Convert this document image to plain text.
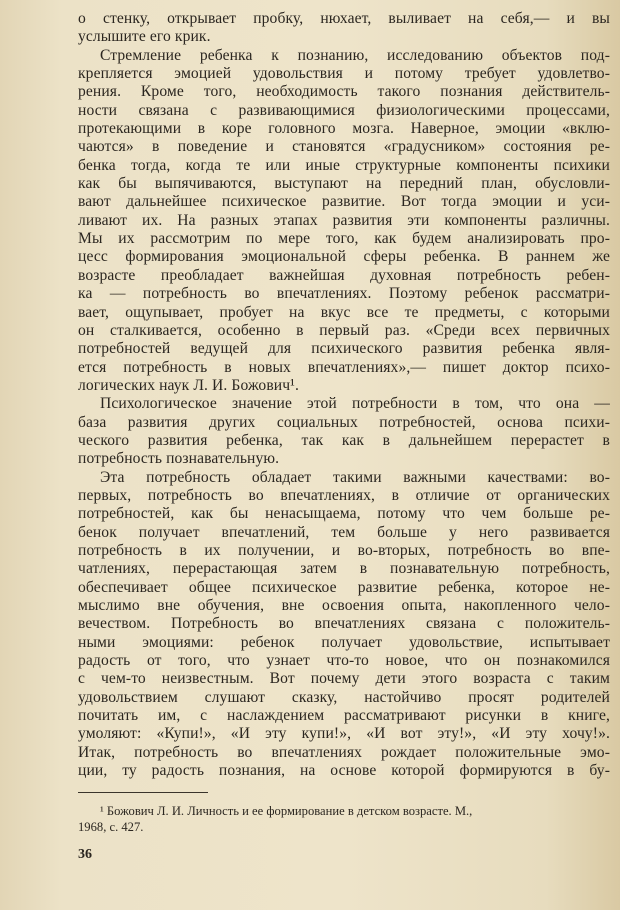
о стенку, открывает пробку, нюхает, выливает на себя,— и вы
услышите его крик.

Стремление ребенка к познанию, исследованию объектов под-
крепляется эмоцией удовольствия и потому требует удовлетво-
рения. Кроме того, необходимость такого познания действитель-
ности связана с развивающимися физиологическими процессами,
протекающими в коре головного мозга. Наверное, эмоции «вклю-
чаются» в поведение и становятся «градусником» состояния ре-
бенка тогда, когда те или иные структурные компоненты психики
как бы выпячиваются, выступают на передний план, обусловли-
вают дальнейшее психическое развитие. Вот тогда эмоции и уси-
ливают их. На разных этапах развития эти компоненты различны.
Мы их рассмотрим по мере того, как будем анализировать про-
цесс формирования эмоциональной сферы ребенка. В раннем же
возрасте преобладает важнейшая духовная потребность ребен-
ка — потребность во впечатлениях. Поэтому ребенок рассматри-
вает, ощупывает, пробует на вкус все те предметы, с которыми
он сталкивается, особенно в первый раз. «Среди всех первичных
потребностей ведущей для психического развития ребенка явля-
ется потребность в новых впечатлениях»,— пишет доктор психо-
логических наук Л. И. Божович¹.

Психологическое значение этой потребности в том, что она —
база развития других социальных потребностей, основа психи-
ческого развития ребенка, так как в дальнейшем перерастет в
потребность познавательную.

Эта потребность обладает такими важными качествами: во-
первых, потребность во впечатлениях, в отличие от органических
потребностей, как бы ненасыщаема, потому что чем больше ре-
бенок получает впечатлений, тем больше у него развивается
потребность в их получении, и во-вторых, потребность во впе-
чатлениях, перерастающая затем в познавательную потребность,
обеспечивает общее психическое развитие ребенка, которое не-
мыслимо вне обучения, вне освоения опыта, накопленного чело-
вечеством. Потребность во впечатлениях связана с положитель-
ными эмоциями: ребенок получает удовольствие, испытывает
радость от того, что узнает что-то новое, что он познакомился
с чем-то неизвестным. Вот почему дети этого возраста с таким
удовольствием слушают сказку, настойчиво просят родителей
почитать им, с наслаждением рассматривают рисунки в книге,
умоляют: «Купи!», «И эту купи!», «И вот эту!», «И эту хочу!».
Итак, потребность во впечатлениях рождает положительные эмо-
ции, ту радость познания, на основе которой формируются в бу-

¹ Божович Л. И. Личность и ее формирование в детском возрасте. М.,
1968, с. 427.
36
